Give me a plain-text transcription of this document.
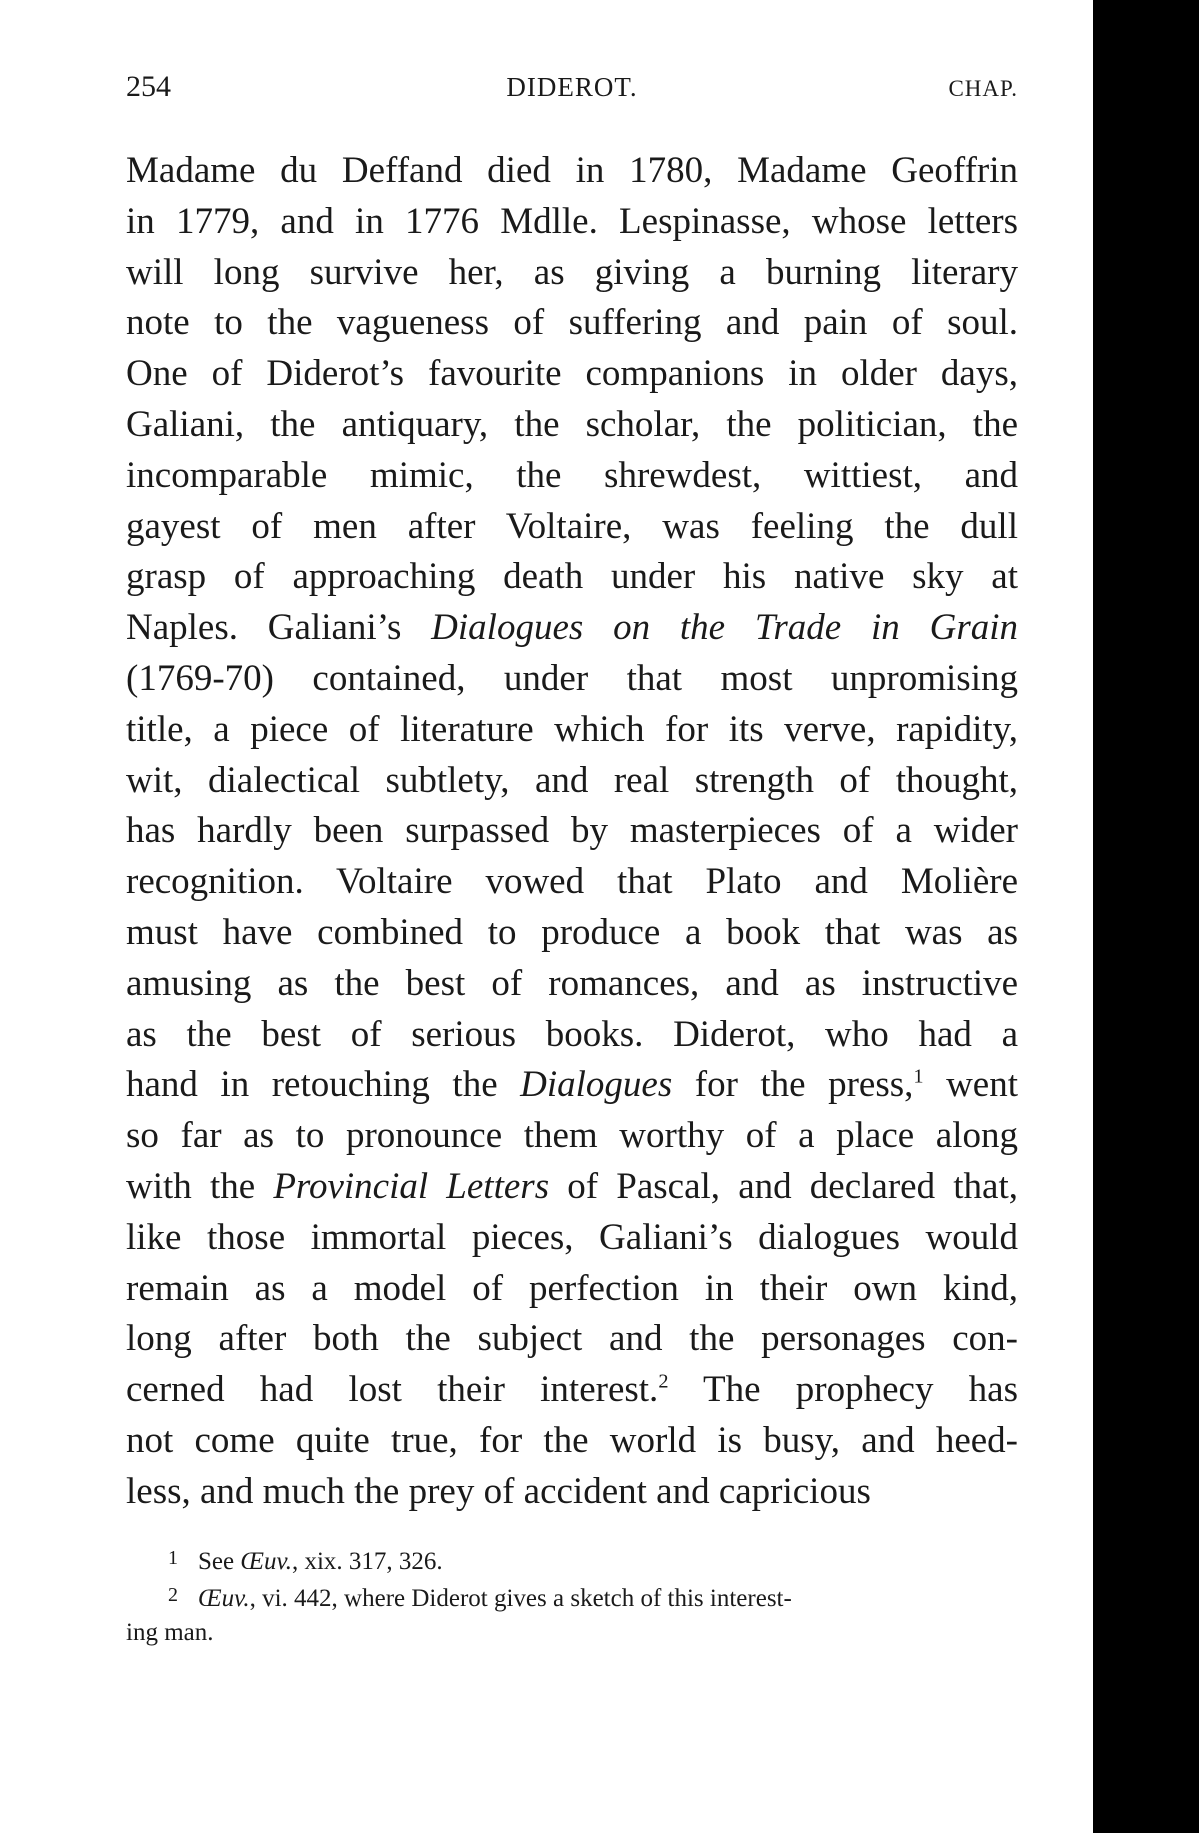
254	DIDEROT.	CHAP.
Madame du Deffand died in 1780, Madame Geoffrin
in 1779, and in 1776 Mdlle. Lespinasse, whose letters
will long survive her, as giving a burning literary
note to the vagueness of suffering and pain of soul.
One of Diderot’s favourite companions in older days,
Galiani, the antiquary, the scholar, the politician, the
incomparable mimic, the shrewdest, wittiest, and
gayest of men after Voltaire, was feeling the dull
grasp of approaching death under his native sky at
Naples. Galiani’s Dialogues on the Trade in Grain
(1769-70) contained, under that most unpromising
title, a piece of literature which for its verve, rapidity,
wit, dialectical subtlety, and real strength of thought,
has hardly been surpassed by masterpieces of a wider
recognition. Voltaire vowed that Plato and Molière
must have combined to produce a book that was as
amusing as the best of romances, and as instructive
as the best of serious books. Diderot, who had a
hand in retouching the Dialogues for the press,$^1$ went
so far as to pronounce them worthy of a place along
with the Provincial Letters of Pascal, and declared that,
like those immortal pieces, Galiani’s dialogues would
remain as a model of perfection in their own kind,
long after both the subject and the personages con-
cerned had lost their interest.$^2$ The prophecy has
not come quite true, for the world is busy, and heed-
less, and much the prey of accident and capricious
1 See Œuv., xix. 317, 326.
2 Œuv., vi. 442, where Diderot gives a sketch of this interest-
ing man.
